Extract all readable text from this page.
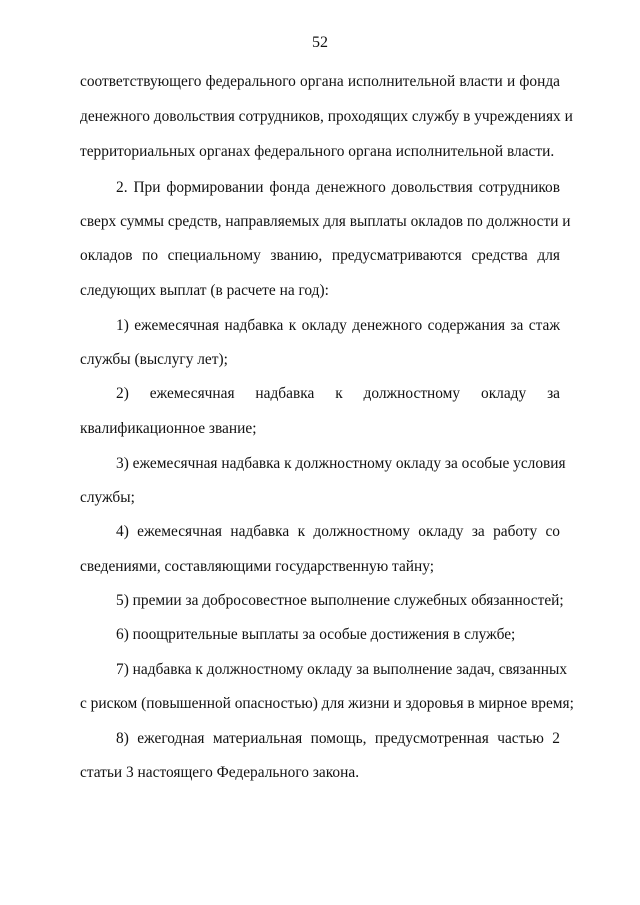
52
соответствующего федерального органа исполнительной власти и фонда
денежного довольствия сотрудников, проходящих службу в учреждениях и
территориальных органах федерального органа исполнительной власти.
2. При формировании фонда денежного довольствия сотрудников
сверх суммы средств, направляемых для выплаты окладов по должности и
окладов по специальному званию, предусматриваются средства для
следующих выплат (в расчете на год):
1) ежемесячная надбавка к окладу денежного содержания за стаж
службы (выслугу лет);
2) ежемесячная надбавка к должностному окладу за
квалификационное звание;
3) ежемесячная надбавка к должностному окладу за особые условия
службы;
4) ежемесячная надбавка к должностному окладу за работу со
сведениями, составляющими государственную тайну;
5) премии за добросовестное выполнение служебных обязанностей;
6) поощрительные выплаты за особые достижения в службе;
7) надбавка к должностному окладу за выполнение задач, связанных
с риском (повышенной опасностью) для жизни и здоровья в мирное время;
8) ежегодная материальная помощь, предусмотренная частью 2
статьи 3 настоящего Федерального закона.
